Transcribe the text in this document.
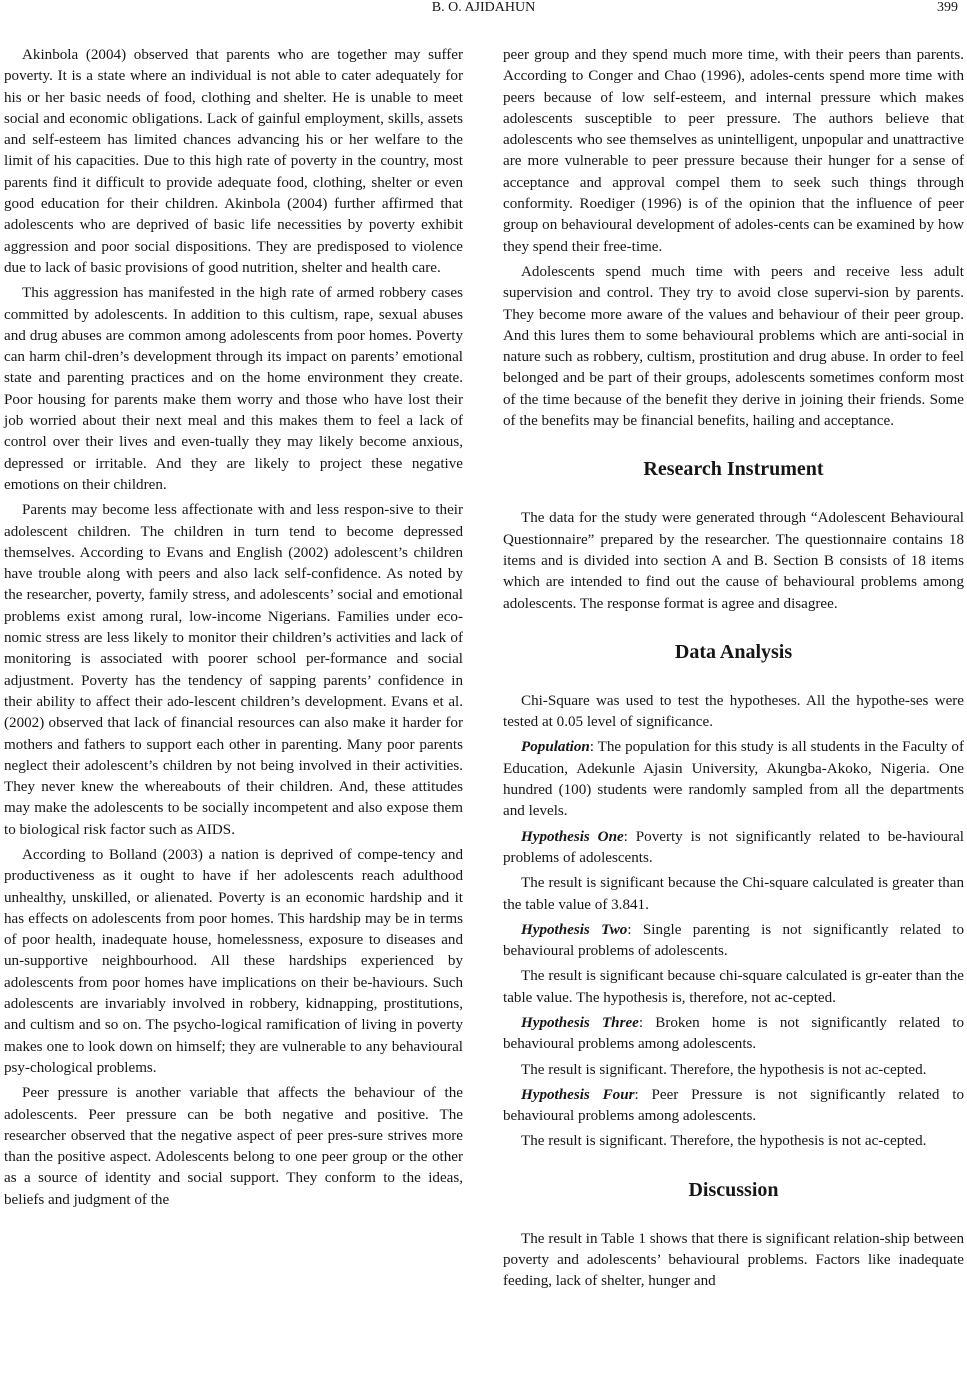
B. O. AJIDAHUN	399

Akinbola (2004) observed that parents who are together may suffer poverty. It is a state where an individual is not able to cater adequately for his or her basic needs of food, clothing and shelter. He is unable to meet social and economic obligations. Lack of gainful employment, skills, assets and self-esteem has limited chances advancing his or her welfare to the limit of his capacities. Due to this high rate of poverty in the country, most parents find it difficult to provide adequate food, clothing, shelter or even good education for their children. Akinbola (2004) further affirmed that adolescents who are deprived of basic life necessities by poverty exhibit aggression and poor social dispositions. They are predisposed to violence due to lack of basic provisions of good nutrition, shelter and health care.

This aggression has manifested in the high rate of armed robbery cases committed by adolescents. In addition to this cultism, rape, sexual abuses and drug abuses are common among adolescents from poor homes. Poverty can harm chil-dren’s development through its impact on parents’ emotional state and parenting practices and on the home environment they create. Poor housing for parents make them worry and those who have lost their job worried about their next meal and this makes them to feel a lack of control over their lives and even-tually they may likely become anxious, depressed or irritable. And they are likely to project these negative emotions on their children.

Parents may become less affectionate with and less respon-sive to their adolescent children. The children in turn tend to become depressed themselves. According to Evans and English (2002) adolescent’s children have trouble along with peers and also lack self-confidence. As noted by the researcher, poverty, family stress, and adolescents’ social and emotional problems exist among rural, low-income Nigerians. Families under eco-nomic stress are less likely to monitor their children’s activities and lack of monitoring is associated with poorer school per-formance and social adjustment. Poverty has the tendency of sapping parents’ confidence in their ability to affect their ado-lescent children’s development. Evans et al. (2002) observed that lack of financial resources can also make it harder for mothers and fathers to support each other in parenting. Many poor parents neglect their adolescent’s children by not being involved in their activities. They never knew the whereabouts of their children. And, these attitudes may make the adolescents to be socially incompetent and also expose them to biological risk factor such as AIDS.

According to Bolland (2003) a nation is deprived of compe-tency and productiveness as it ought to have if her adolescents reach adulthood unhealthy, unskilled, or alienated. Poverty is an economic hardship and it has effects on adolescents from poor homes. This hardship may be in terms of poor health, inadequate house, homelessness, exposure to diseases and un-supportive neighbourhood. All these hardships experienced by adolescents from poor homes have implications on their be-haviours. Such adolescents are invariably involved in robbery, kidnapping, prostitutions, and cultism and so on. The psycho-logical ramification of living in poverty makes one to look down on himself; they are vulnerable to any behavioural psy-chological problems.

Peer pressure is another variable that affects the behaviour of the adolescents. Peer pressure can be both negative and positive. The researcher observed that the negative aspect of peer pres-sure strives more than the positive aspect. Adolescents belong to one peer group or the other as a source of identity and social support. They conform to the ideas, beliefs and judgment of the

peer group and they spend much more time, with their peers than parents. According to Conger and Chao (1996), adoles-cents spend more time with peers because of low self-esteem, and internal pressure which makes adolescents susceptible to peer pressure. The authors believe that adolescents who see themselves as unintelligent, unpopular and unattractive are more vulnerable to peer pressure because their hunger for a sense of acceptance and approval compel them to seek such things through conformity. Roediger (1996) is of the opinion that the influence of peer group on behavioural development of adoles-cents can be examined by how they spend their free-time.

Adolescents spend much time with peers and receive less adult supervision and control. They try to avoid close supervi-sion by parents. They become more aware of the values and behaviour of their peer group. And this lures them to some behavioural problems which are anti-social in nature such as robbery, cultism, prostitution and drug abuse. In order to feel belonged and be part of their groups, adolescents sometimes conform most of the time because of the benefit they derive in joining their friends. Some of the benefits may be financial benefits, hailing and acceptance.

Research Instrument

The data for the study were generated through “Adolescent Behavioural Questionnaire” prepared by the researcher. The questionnaire contains 18 items and is divided into section A and B. Section B consists of 18 items which are intended to find out the cause of behavioural problems among adolescents. The response format is agree and disagree.

Data Analysis

Chi-Square was used to test the hypotheses. All the hypothe-ses were tested at 0.05 level of significance.

Population: The population for this study is all students in the Faculty of Education, Adekunle Ajasin University, Akungba-Akoko, Nigeria. One hundred (100) students were randomly sampled from all the departments and levels.

Hypothesis One: Poverty is not significantly related to be-havioural problems of adolescents.

The result is significant because the Chi-square calculated is greater than the table value of 3.841.

Hypothesis Two: Single parenting is not significantly related to behavioural problems of adolescents.

The result is significant because chi-square calculated is gr-eater than the table value. The hypothesis is, therefore, not ac-cepted.

Hypothesis Three: Broken home is not significantly related to behavioural problems among adolescents.

The result is significant. Therefore, the hypothesis is not ac-cepted.

Hypothesis Four: Peer Pressure is not significantly related to behavioural problems among adolescents.

The result is significant. Therefore, the hypothesis is not ac-cepted.

Discussion

The result in Table 1 shows that there is significant relation-ship between poverty and adolescents’ behavioural problems. Factors like inadequate feeding, lack of shelter, hunger and
